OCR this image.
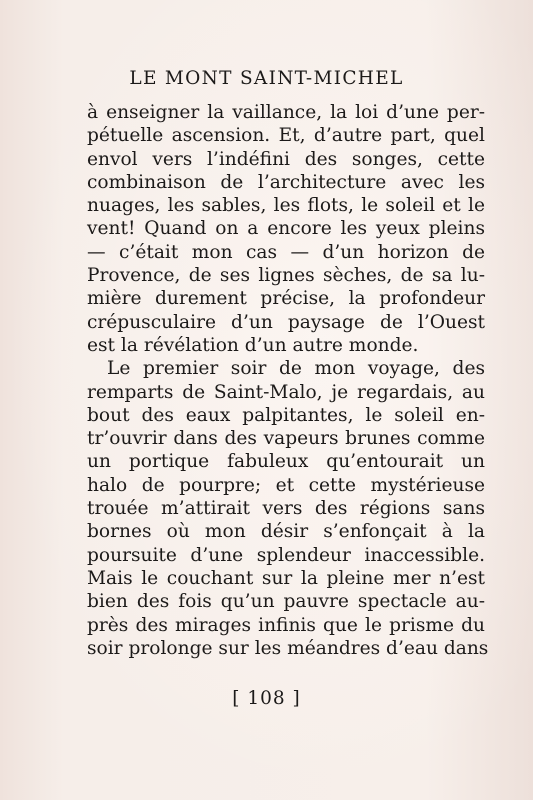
LE MONT SAINT-MICHEL
à enseigner la vaillance, la loi d’une per-
pétuelle ascension. Et, d’autre part, quel
envol vers l’indéfini des songes, cette
combinaison de l’architecture avec les
nuages, les sables, les flots, le soleil et le
vent! Quand on a encore les yeux pleins
— c’était mon cas — d’un horizon de
Provence, de ses lignes sèches, de sa lu-
mière durement précise, la profondeur
crépusculaire d’un paysage de l’Ouest
est la révélation d’un autre monde.
Le premier soir de mon voyage, des
remparts de Saint-Malo, je regardais, au
bout des eaux palpitantes, le soleil en-
tr’ouvrir dans des vapeurs brunes comme
un portique fabuleux qu’entourait un
halo de pourpre; et cette mystérieuse
trouée m’attirait vers des régions sans
bornes où mon désir s’enfonçait à la
poursuite d’une splendeur inaccessible.
Mais le couchant sur la pleine mer n’est
bien des fois qu’un pauvre spectacle au-
près des mirages infinis que le prisme du
soir prolonge sur les méandres d’eau dans
[ 108 ]
